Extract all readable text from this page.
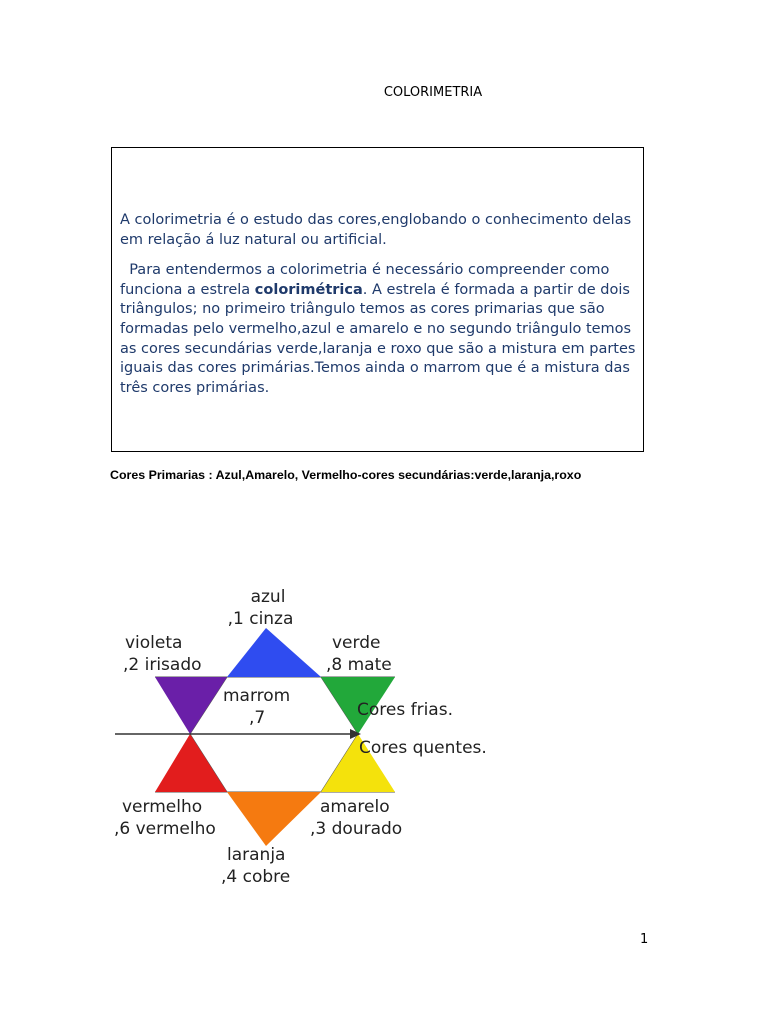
COLORIMETRIA

A colorimetria é o estudo das cores,englobando o conhecimento delas em relação á luz natural ou artificial.

Para entendermos a colorimetria é necessário compreender como funciona a estrela colorimétrica. A estrela é formada a partir de dois triângulos; no primeiro triângulo temos as cores primarias que são formadas pelo vermelho,azul e amarelo e no segundo triângulo temos as cores secundárias verde,laranja e roxo que são a mistura em partes iguais das cores primárias.Temos ainda o marrom que é a mistura das três cores primárias.

Cores Primarias : Azul,Amarelo, Vermelho-cores secundárias:verde,laranja,roxo
azul
,1 cinza
violeta
,2 irisado
verde
,8 mate
marrom
,7	Cores frias.
Cores quentes.
vermelho
,6 vermelho
amarelo
,3 dourado
laranja
,4 cobre
1
